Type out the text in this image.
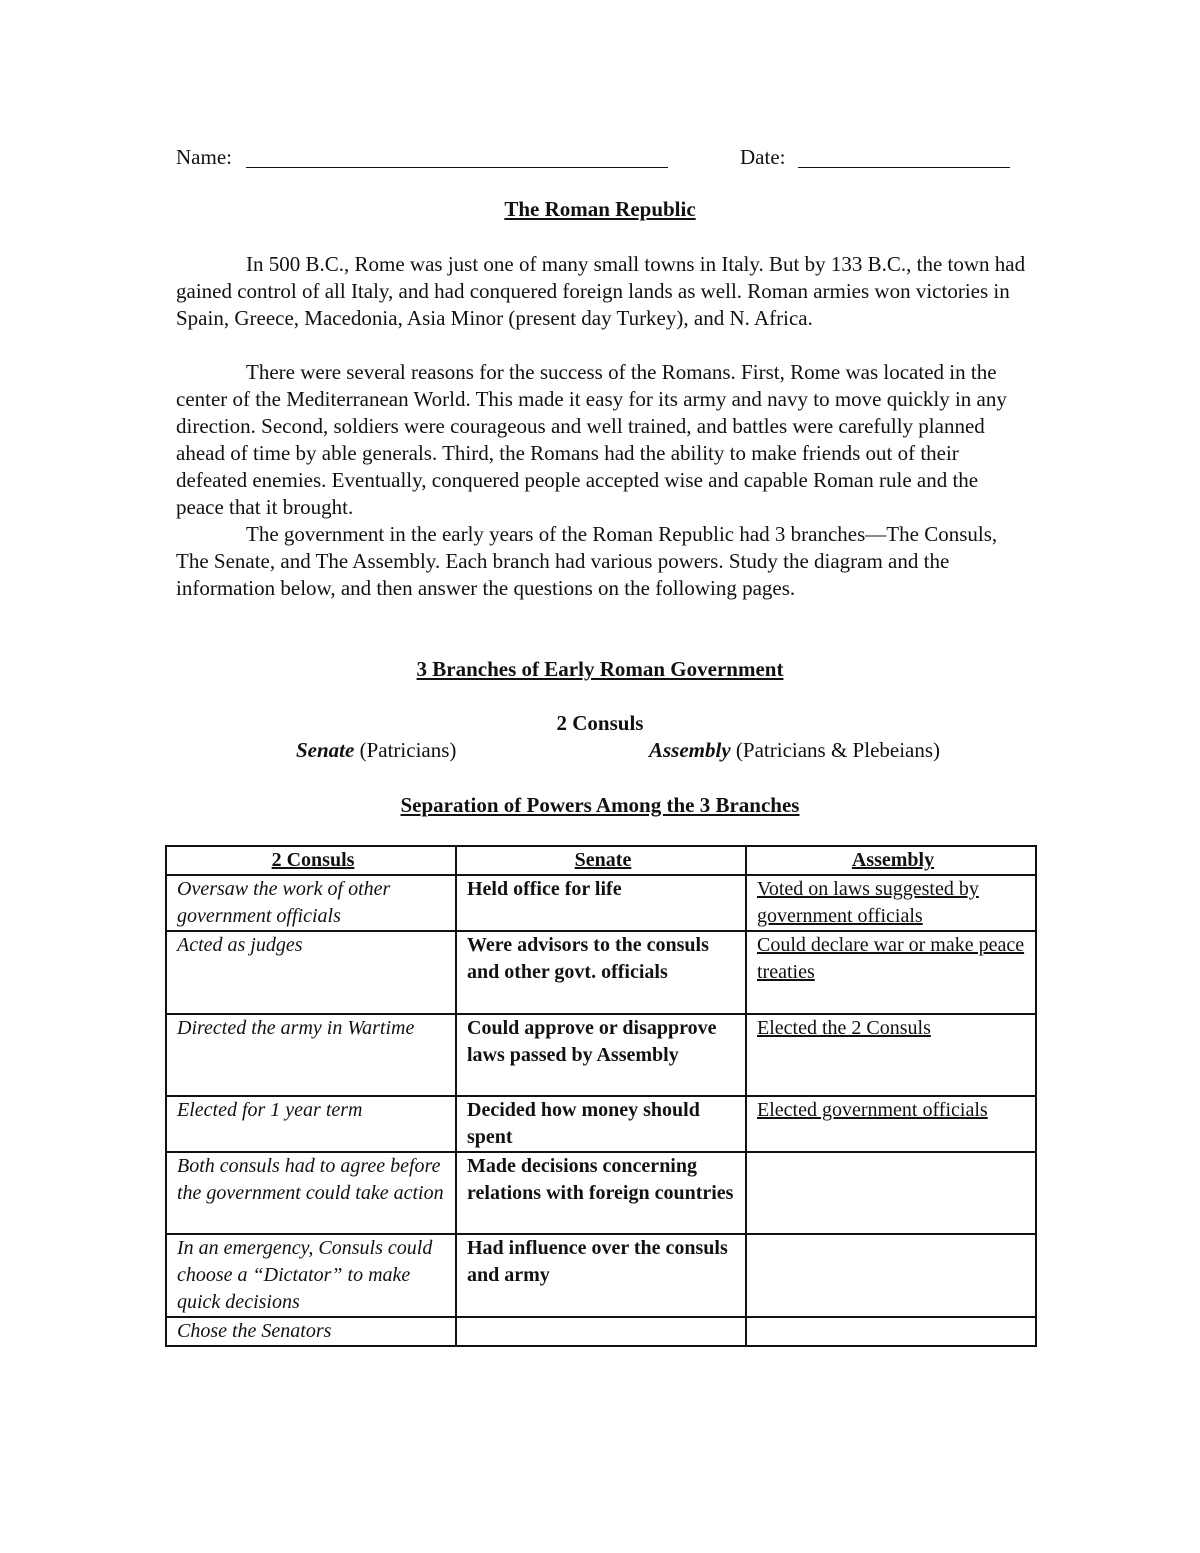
Name:	Date:
The Roman Republic

In 500 B.C., Rome was just one of many small towns in Italy. But by 133 B.C., the town had gained control of all Italy, and had conquered foreign lands as well. Roman armies won victories in Spain, Greece, Macedonia, Asia Minor (present day Turkey), and N. Africa.

There were several reasons for the success of the Romans. First, Rome was located in the center of the Mediterranean World. This made it easy for its army and navy to move quickly in any direction. Second, soldiers were courageous and well trained, and battles were carefully planned ahead of time by able generals. Third, the Romans had the ability to make friends out of their defeated enemies. Eventually, conquered people accepted wise and capable Roman rule and the peace that it brought.

The government in the early years of the Roman Republic had 3 branches—The Consuls, The Senate, and The Assembly. Each branch had various powers. Study the diagram and the information below, and then answer the questions on the following pages.

3 Branches of Early Roman Government
2 Consuls
Senate (Patricians)	Assembly (Patricians & Plebeians)
Separation of Powers Among the 3 Branches
2 Consuls	Senate	Assembly
Oversaw the work of other government officials	Held office for life	Voted on laws suggested by government officials
Acted as judges	Were advisors to the consuls and other govt. officials	Could declare war or make peace treaties
Directed the army in Wartime	Could approve or disapprove laws passed by Assembly	Elected the 2 Consuls
Elected for 1 year term	Decided how money should spent	Elected government officials
Both consuls had to agree before the government could take action	Made decisions concerning relations with foreign countries	
In an emergency, Consuls could choose a “Dictator” to make quick decisions	Had influence over the consuls and army	
Chose the Senators		
